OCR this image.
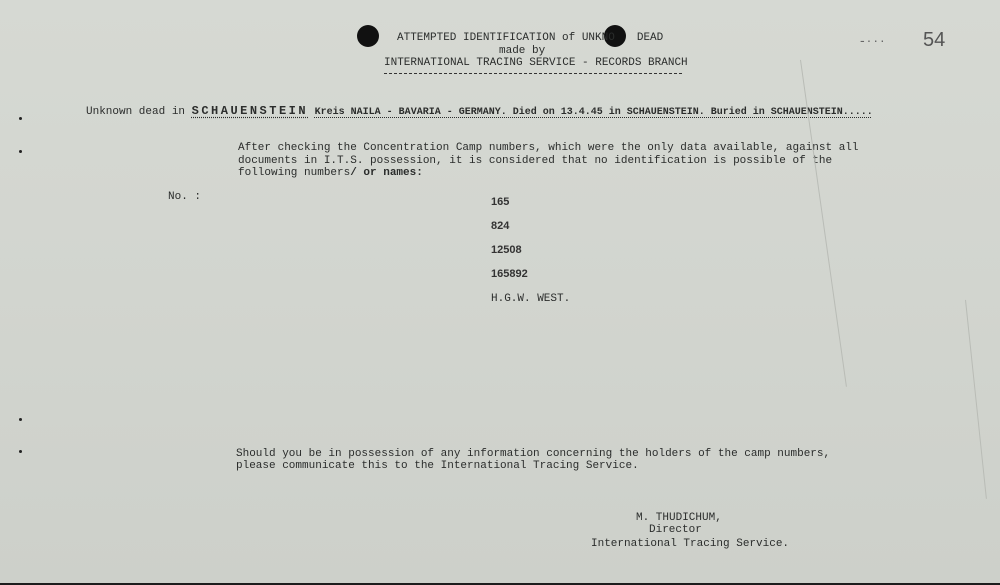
ATTEMPTED IDENTIFICATION of UNKNO DEAD
made by
INTERNATIONAL TRACING SERVICE - RECORDS BRANCH
-··· 54
Unknown dead in SCHAUENSTEIN Kreis NAILA - BAVARIA - GERMANY. Died on 13.4.45 in SCHAUENSTEIN. Buried in SCHAUENSTEIN.....
After checking the Concentration Camp numbers, which were the only data available, against all
documents in I.T.S. possession, it is considered that no identification is possible of the
following numbers/ or names:
No. :	165
824
12508
165892
H.G.W. WEST.
Should you be in possession of any information concerning the holders of the camp numbers,
please communicate this to the International Tracing Service.
M. THUDICHUM,
Director
International Tracing Service.
